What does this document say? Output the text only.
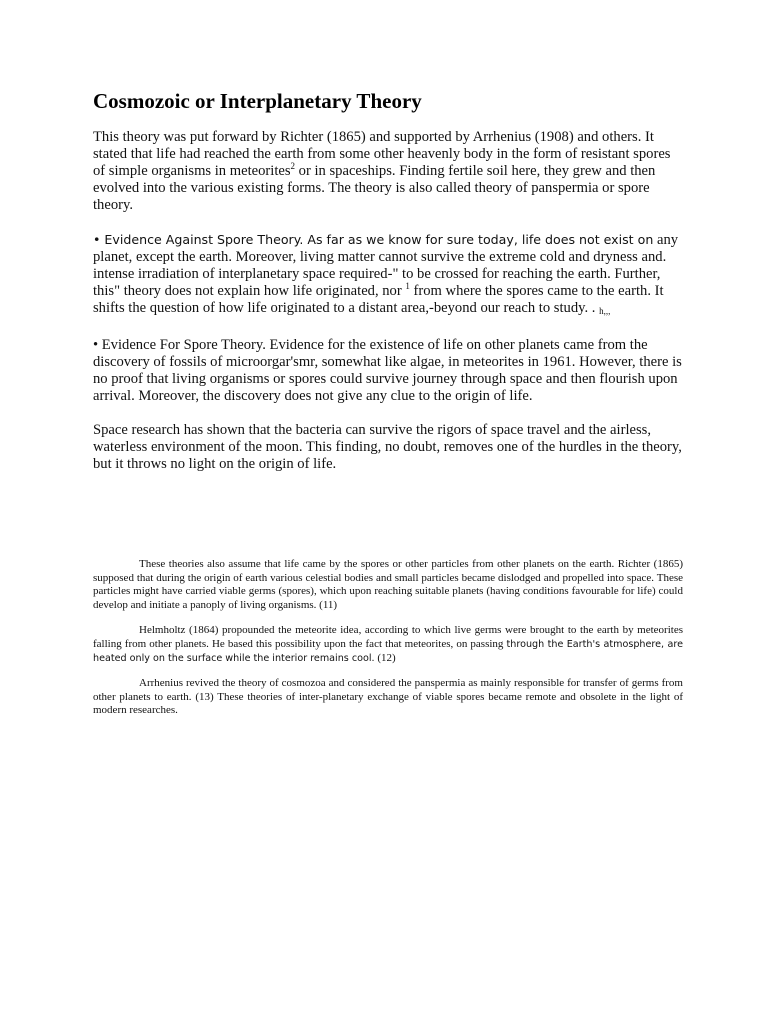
Cosmozoic or Interplanetary Theory

This theory was put forward by Richter (1865) and supported by Arrhenius (1908) and others. It stated that life had reached the earth from some other heavenly body in the form of resistant spores of simple organisms in meteorites$^2$ or in spaceships. Finding fertile soil here, they grew and then evolved into the various existing forms. The theory is also called theory of panspermia or spore theory.

• Evidence Against Spore Theory. As far as we know for sure today, life does not exist on any planet, except the earth. Moreover, living matter cannot survive the extreme cold and dryness and. intense irradiation of interplanetary space required-" to be crossed for reaching the earth. Further, this" theory does not explain how life originated, nor $^1$ from where the spores came to the earth. It shifts the question of how life originated to a distant area,-beyond our reach to study. . h,,,

• Evidence For Spore Theory. Evidence for the existence of life on other planets came from the discovery of fossils of microorgar'smr, somewhat like algae, in meteorites in 1961. However, there is no proof that living organisms or spores could survive journey through space and then flourish upon arrival. Moreover, the discovery does not give any clue to the origin of life.

Space research has shown that the bacteria can survive the rigors of space travel and the airless, waterless environment of the moon. This finding, no doubt, removes one of the hurdles in the theory, but it throws no light on the origin of life.

These theories also assume that life came by the spores or other particles from other planets on the earth. Richter (1865) supposed that during the origin of earth various celestial bodies and small particles became dislodged and propelled into space. These particles might have carried viable germs (spores), which upon reaching suitable planets (having conditions favourable for life) could develop and initiate a panoply of living organisms. (11)

Helmholtz (1864) propounded the meteorite idea, according to which live germs were brought to the earth by meteorites falling from other planets. He based this possibility upon the fact that meteorites, on passing through the Earth's atmosphere, are heated only on the surface while the interior remains cool. (12)

Arrhenius revived the theory of cosmozoa and considered the panspermia as mainly responsible for transfer of germs from other planets to earth. (13) These theories of inter-planetary exchange of viable spores became remote and obsolete in the light of modern researches.
